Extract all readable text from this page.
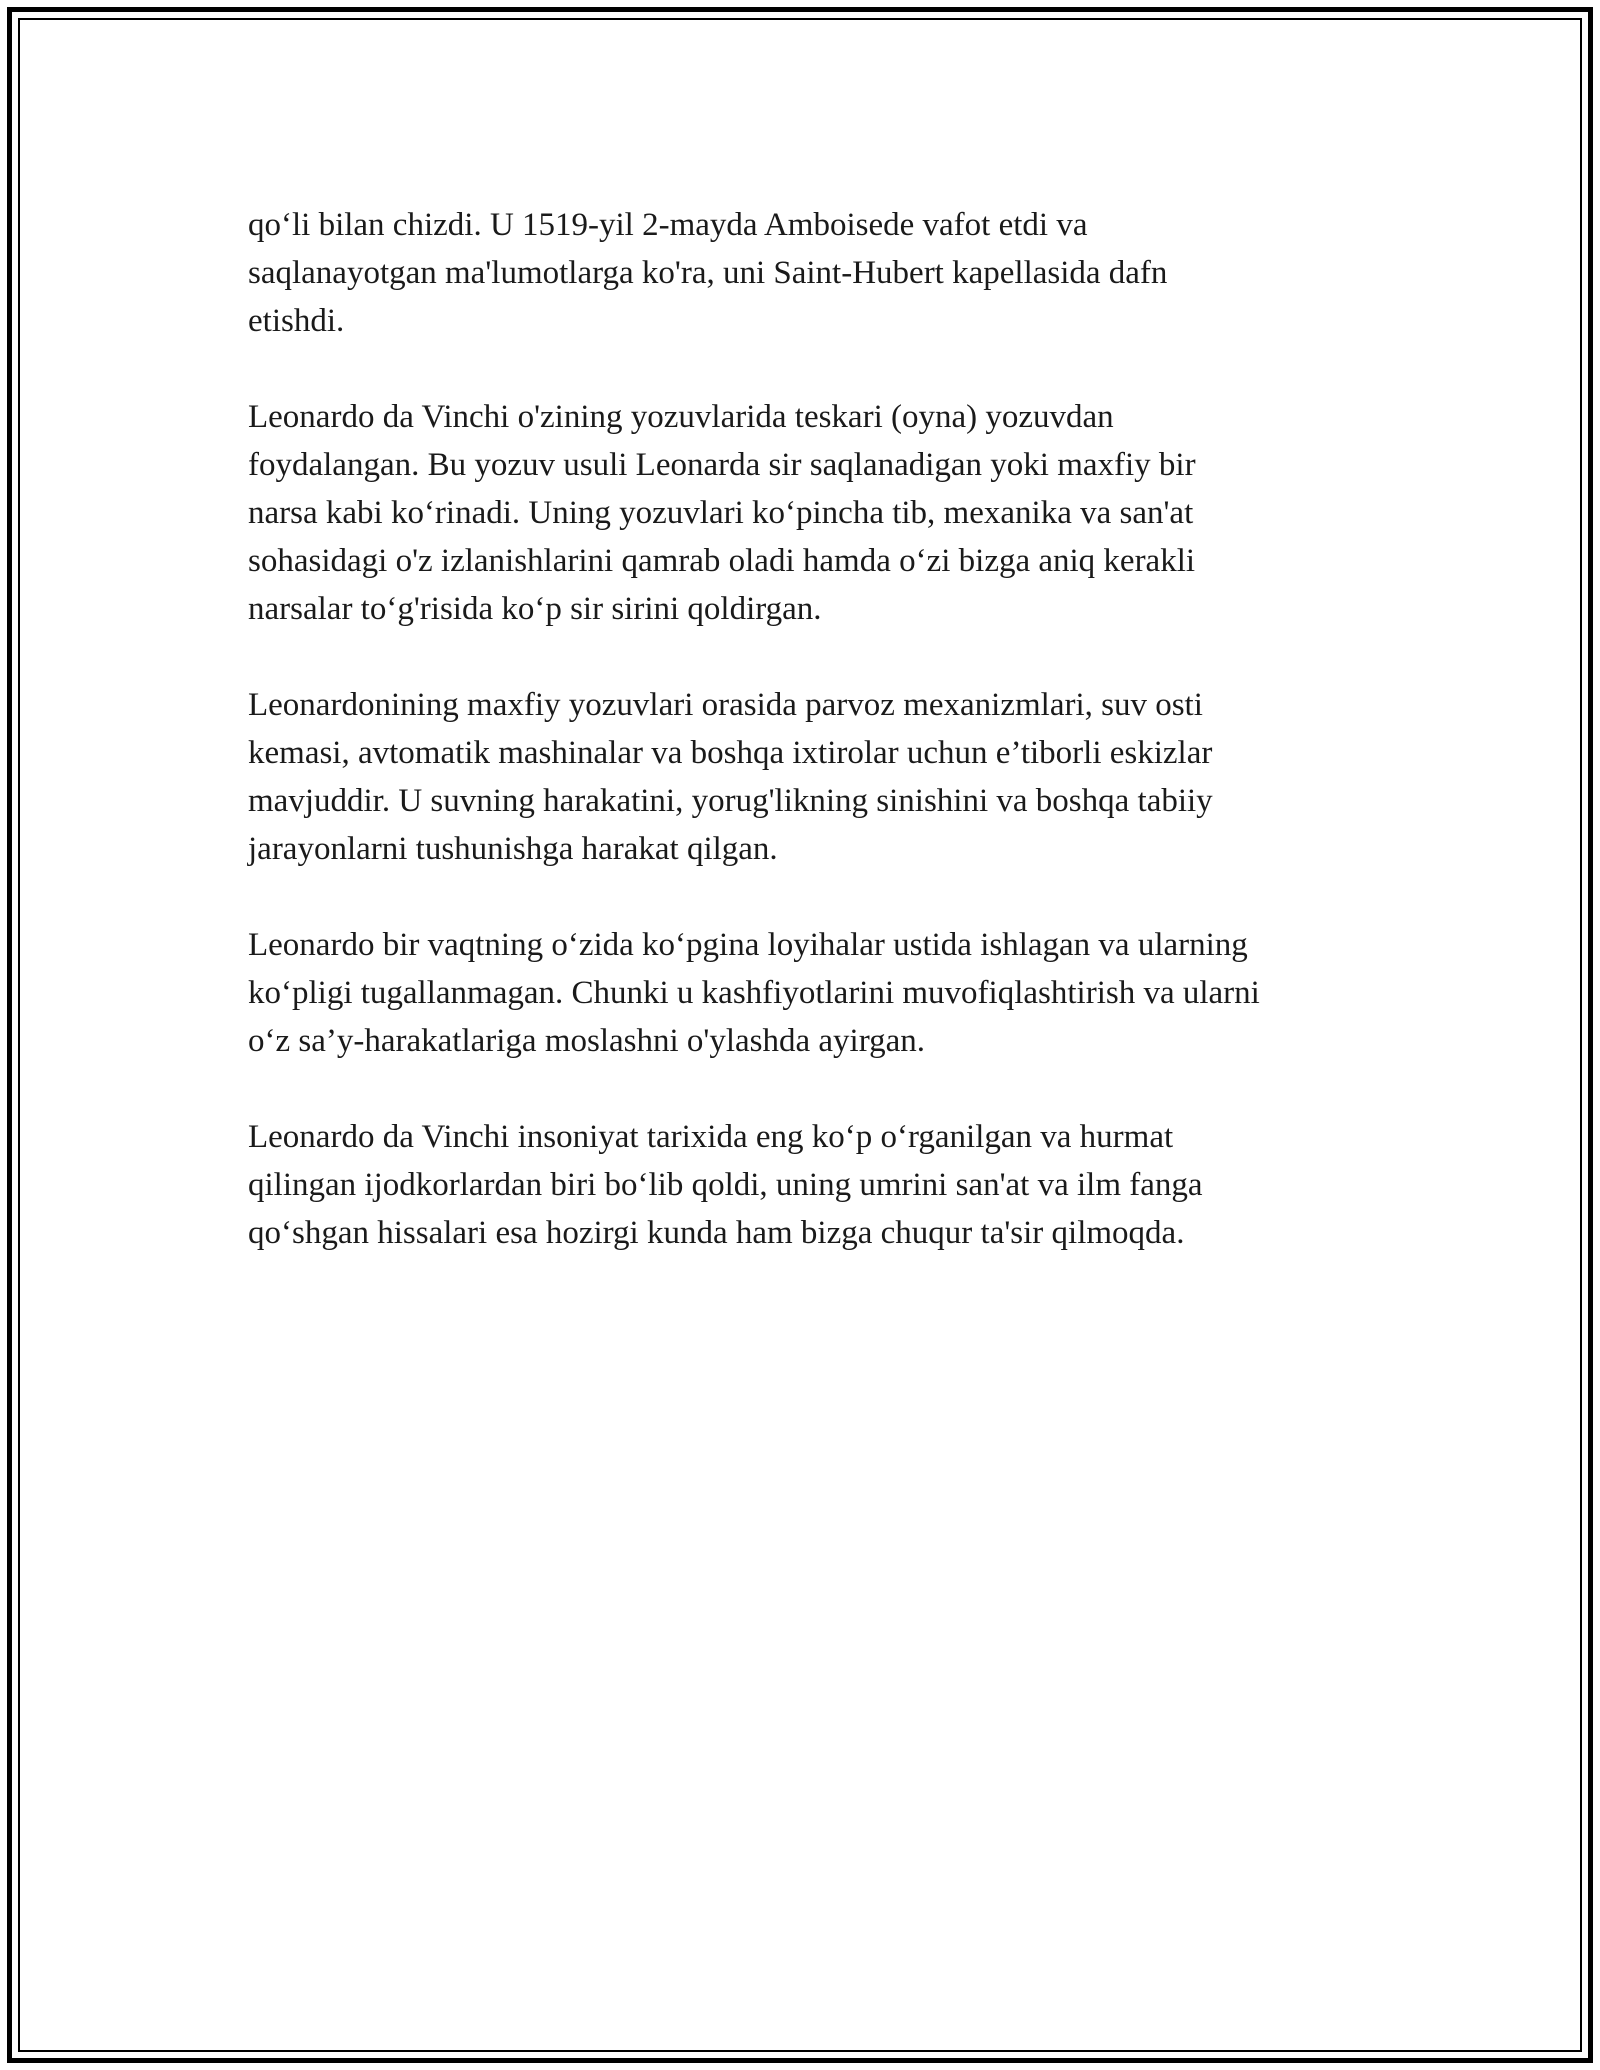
qo‘li bilan chizdi. U 1519-yil 2-mayda Amboisede vafot etdi va
saqlanayotgan ma'lumotlarga ko'ra, uni Saint-Hubert kapellasida dafn
etishdi.

Leonardo da Vinchi o'zining yozuvlarida teskari (oyna) yozuvdan
foydalangan. Bu yozuv usuli Leonarda sir saqlanadigan yoki maxfiy bir
narsa kabi ko‘rinadi. Uning yozuvlari ko‘pincha tib, mexanika va san'at
sohasidagi o'z izlanishlarini qamrab oladi hamda o‘zi bizga aniq kerakli
narsalar to‘g'risida ko‘p sir sirini qoldirgan.

Leonardonining maxfiy yozuvlari orasida parvoz mexanizmlari, suv osti
kemasi, avtomatik mashinalar va boshqa ixtirolar uchun e’tiborli eskizlar
mavjuddir. U suvning harakatini, yorug'likning sinishini va boshqa tabiiy
jarayonlarni tushunishga harakat qilgan.

Leonardo bir vaqtning o‘zida ko‘pgina loyihalar ustida ishlagan va ularning
ko‘pligi tugallanmagan. Chunki u kashfiyotlarini muvofiqlashtirish va ularni
o‘z sa’y-harakatlariga moslashni o'ylashda ayirgan.

Leonardo da Vinchi insoniyat tarixida eng ko‘p o‘rganilgan va hurmat
qilingan ijodkorlardan biri bo‘lib qoldi, uning umrini san'at va ilm fanga
qo‘shgan hissalari esa hozirgi kunda ham bizga chuqur ta'sir qilmoqda.
